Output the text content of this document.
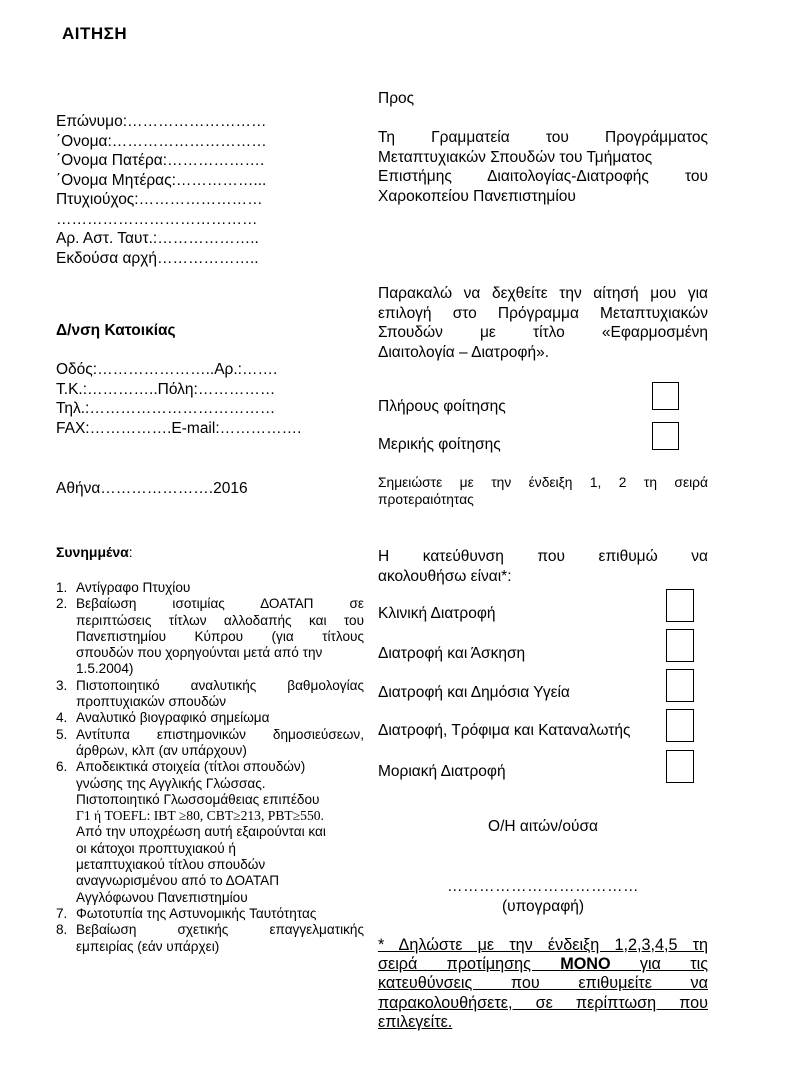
ΑΙΤΗΣΗ
Επώνυμο:………………………
΄Ονομα:…………………………
΄Ονομα Πατέρα:……………….
΄Ονομα Μητέρας:……………...
Πτυχιούχος:……………………
…………………………………
Αρ. Αστ. Ταυτ.:………………..
Εκδούσα αρχή………………..
Δ/νση Κατοικίας
Οδός:…………………..Αρ.:…….
Τ.Κ.:…………..Πόλη:……………
Τηλ.:………………………………
FAX:…………….E-mail:…………….
Αθήνα………………….2016
Συνημμένα:
1. Αντίγραφο Πτυχίου
2. Βεβαίωση ισοτιμίας ΔΟΑΤΑΠ σε
περιπτώσεις τίτλων αλλοδαπής και του
Πανεπιστημίου Κύπρου (για τίτλους
σπουδών που χορηγούνται μετά από την
1.5.2004)
3. Πιστοποιητικό αναλυτικής βαθμολογίας
προπτυχιακών σπουδών
4. Αναλυτικό βιογραφικό σημείωμα
5. Αντίτυπα επιστημονικών δημοσιεύσεων,
άρθρων, κλπ (αν υπάρχουν)
6. Αποδεικτικά στοιχεία (τίτλοι σπουδών)
γνώσης της Αγγλικής Γλώσσας.
Πιστοποιητικό Γλωσσομάθειας επιπέδου
Γ1 ή TOEFL: IBT ≥80, CBT≥213, PBT≥550.
Από την υποχρέωση αυτή εξαιρούνται και
οι κάτοχοι προπτυχιακού ή
μεταπτυχιακού τίτλου σπουδών
αναγνωρισμένου από το ΔΟΑΤΑΠ
Αγγλόφωνου Πανεπιστημίου
7. Φωτοτυπία της Αστυνομικής Ταυτότητας
8. Βεβαίωση σχετικής επαγγελματικής
εμπειρίας (εάν υπάρχει)
Προς
Τη Γραμματεία του Προγράμματος
Μεταπτυχιακών Σπουδών του Τμήματος
Επιστήμης Διαιτολογίας-Διατροφής του
Χαροκοπείου Πανεπιστημίου
Παρακαλώ να δεχθείτε την αίτησή μου για
επιλογή στο Πρόγραμμα Μεταπτυχιακών
Σπουδών με τίτλο «Εφαρμοσμένη
Διαιτολογία – Διατροφή».
Πλήρους φοίτησης
Μερικής φοίτησης
Σημειώστε με την ένδειξη 1, 2 τη σειρά
προτεραιότητας
Η κατεύθυνση που επιθυμώ να
ακολουθήσω είναι*:
Κλινική Διατροφή
Διατροφή και Άσκηση
Διατροφή και Δημόσια Υγεία
Διατροφή, Τρόφιμα και Καταναλωτής
Μοριακή Διατροφή
Ο/Η αιτών/ούσα
………………………………
(υπογραφή)
* Δηλώστε με την ένδειξη 1,2,3,4,5 τη
σειρά προτίμησης ΜΟΝΟ για τις
κατευθύνσεις που επιθυμείτε να
παρακολουθήσετε, σε περίπτωση που
επιλεγείτε.
